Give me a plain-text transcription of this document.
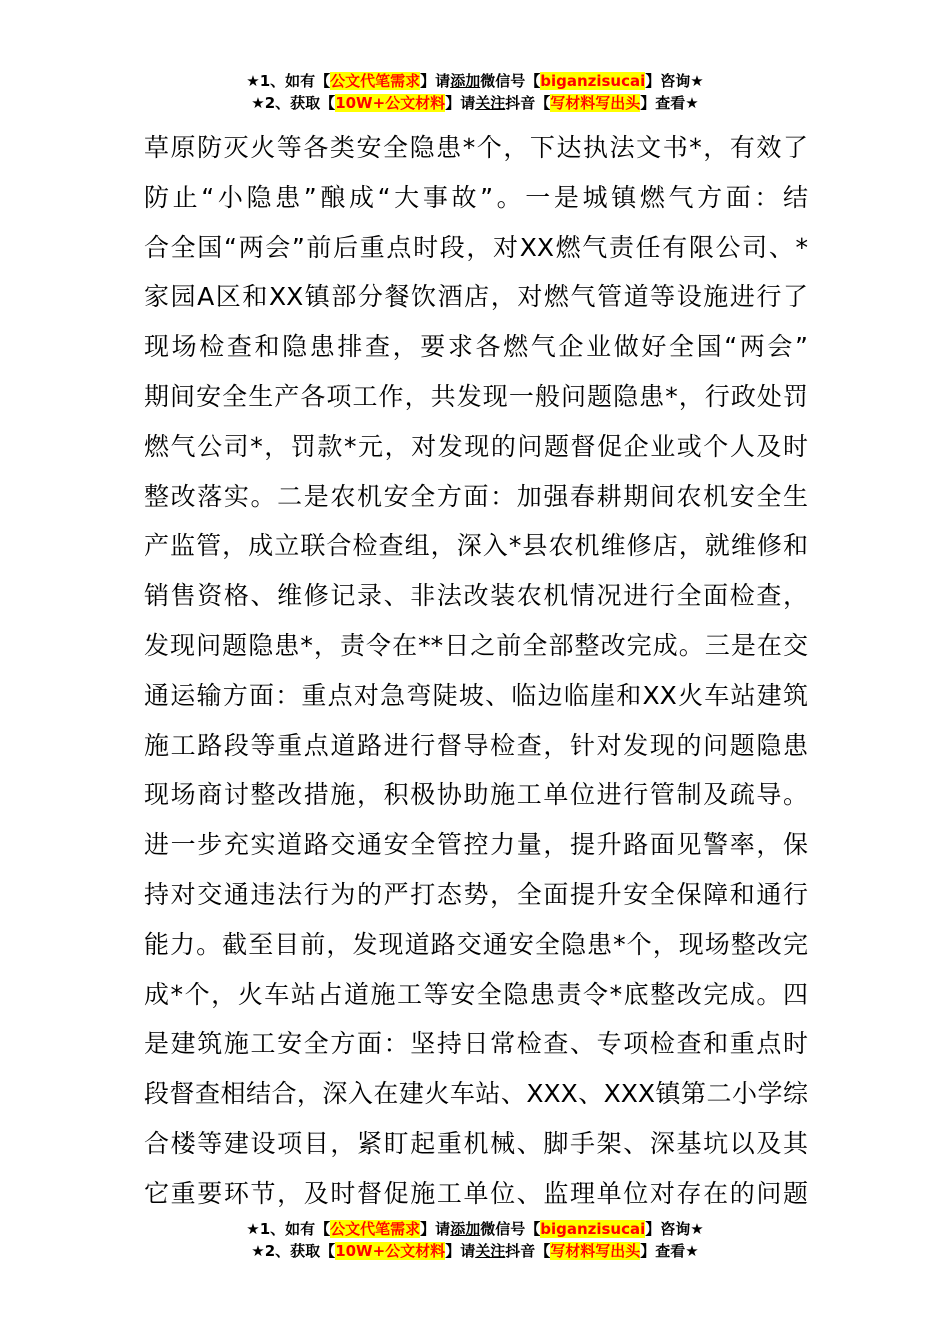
★1、如有【公文代笔需求】请添加微信号【biganzisucai】咨询★
★2、获取【10W+公文材料】请关注抖音【写材料写出头】查看★
草原防灭火等各类安全隐患*个，下达执法文书*，有效了
防止“小隐患”酿成“大事故”。一是城镇燃气方面：结
合全国“两会”前后重点时段，对XX燃气责任有限公司、*
家园A区和XX镇部分餐饮酒店，对燃气管道等设施进行了
现场检查和隐患排查，要求各燃气企业做好全国“两会”
期间安全生产各项工作，共发现一般问题隐患*，行政处罚
燃气公司*，罚款*元，对发现的问题督促企业或个人及时
整改落实。二是农机安全方面：加强春耕期间农机安全生
产监管，成立联合检查组，深入*县农机维修店，就维修和
销售资格、维修记录、非法改装农机情况进行全面检查，
发现问题隐患*，责令在**日之前全部整改完成。三是在交
通运输方面：重点对急弯陡坡、临边临崖和XX火车站建筑
施工路段等重点道路进行督导检查，针对发现的问题隐患
现场商讨整改措施，积极协助施工单位进行管制及疏导。
进一步充实道路交通安全管控力量，提升路面见警率，保
持对交通违法行为的严打态势，全面提升安全保障和通行
能力。截至目前，发现道路交通安全隐患*个，现场整改完
成*个，火车站占道施工等安全隐患责令*底整改完成。四
是建筑施工安全方面：坚持日常检查、专项检查和重点时
段督查相结合，深入在建火车站、XXX、XXX镇第二小学综
合楼等建设项目，紧盯起重机械、脚手架、深基坑以及其
它重要环节，及时督促施工单位、监理单位对存在的问题
★1、如有【公文代笔需求】请添加微信号【biganzisucai】咨询★
★2、获取【10W+公文材料】请关注抖音【写材料写出头】查看★
